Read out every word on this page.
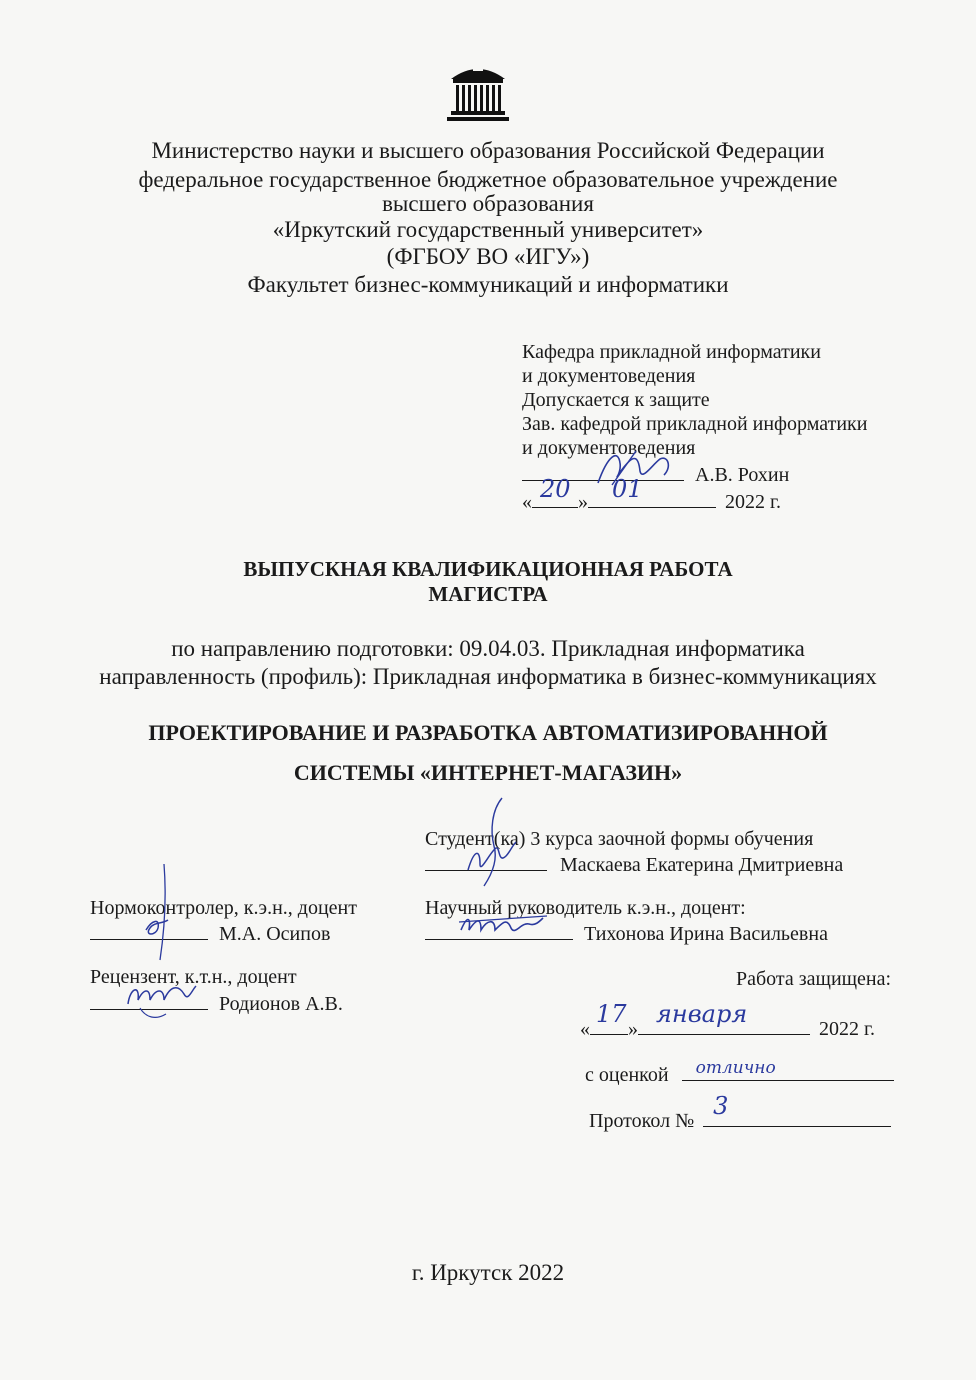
Министерство науки и высшего образования Российской Федерации
федеральное государственное бюджетное образовательное учреждение
высшего образования
«Иркутский государственный университет»
(ФГБОУ ВО «ИГУ»)
Факультет бизнес-коммуникаций и информатики
Кафедра прикладной информатики
и документоведения
Допускается к защите
Зав. кафедрой прикладной информатики
и документоведения
А.В. Рохин
« 20 » 01	2022 г.
ВЫПУСКНАЯ КВАЛИФИКАЦИОННАЯ РАБОТА
МАГИСТРА
по направлению подготовки: 09.04.03. Прикладная информатика
направленность (профиль): Прикладная информатика в бизнес-коммуникациях
ПРОЕКТИРОВАНИЕ И РАЗРАБОТКА АВТОМАТИЗИРОВАННОЙ
СИСТЕМЫ «ИНТЕРНЕТ-МАГАЗИН»
Студент(ка) 3 курса заочной формы обучения
Маскаева Екатерина Дмитриевна
Нормоконтролер, к.э.н., доцент
М.А. Осипов
Научный руководитель к.э.н., доцент:
Тихонова Ирина Васильевна
Рецензент, к.т.н., доцент
Родионов А.В.
Работа защищена:
«
17
»
января
2022 г.
с оценкой отлично
Протокол №
3
г. Иркутск 2022
